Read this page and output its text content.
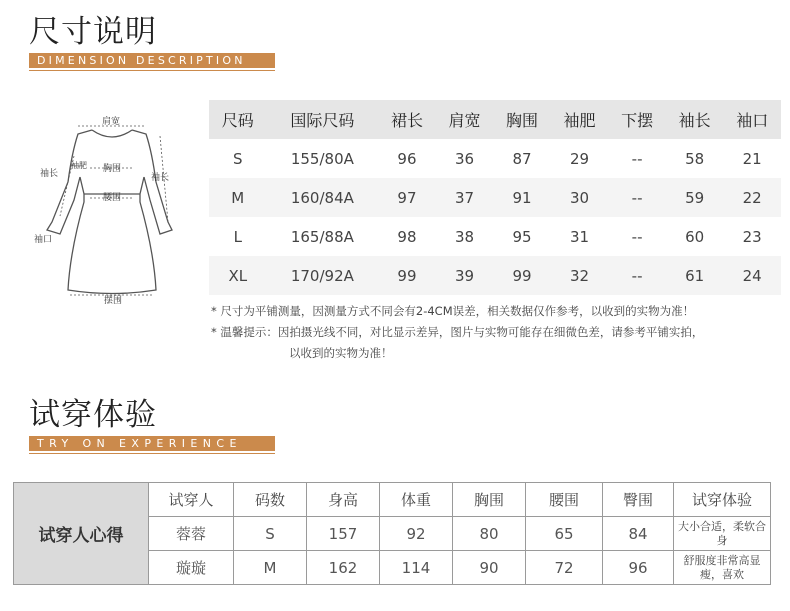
尺寸说明
DIMENSION DESCRIPTION
肩宽
胸围
腰围
袖长	袖长
袖肥
袖口
摆围
尺码	国际尺码	裙长	肩宽	胸围	袖肥	下摆	袖长	袖口
S	155/80A	96	36	87	29	--	58	21
M	160/84A	97	37	91	30	--	59	22
L	165/88A	98	38	95	31	--	60	23
XL	170/92A	99	39	99	32	--	61	24
* 尺寸为平铺测量，因测量方式不同会有2-4CM误差，相关数据仅作参考，以收到的实物为准！
* 温馨提示：因拍摄光线不同，对比显示差异，图片与实物可能存在细微色差，请参考平铺实拍，
以收到的实物为准！
试穿体验
TRY ON EXPERIENCE
试穿人心得	试穿人	码数	身高	体重	胸围	腰围	臀围	试穿体验
	蓉蓉	S	157	92	80	65	84	大小合适，柔软合身
	璇璇	M	162	114	90	72	96	舒服度非常高显瘦，喜欢
